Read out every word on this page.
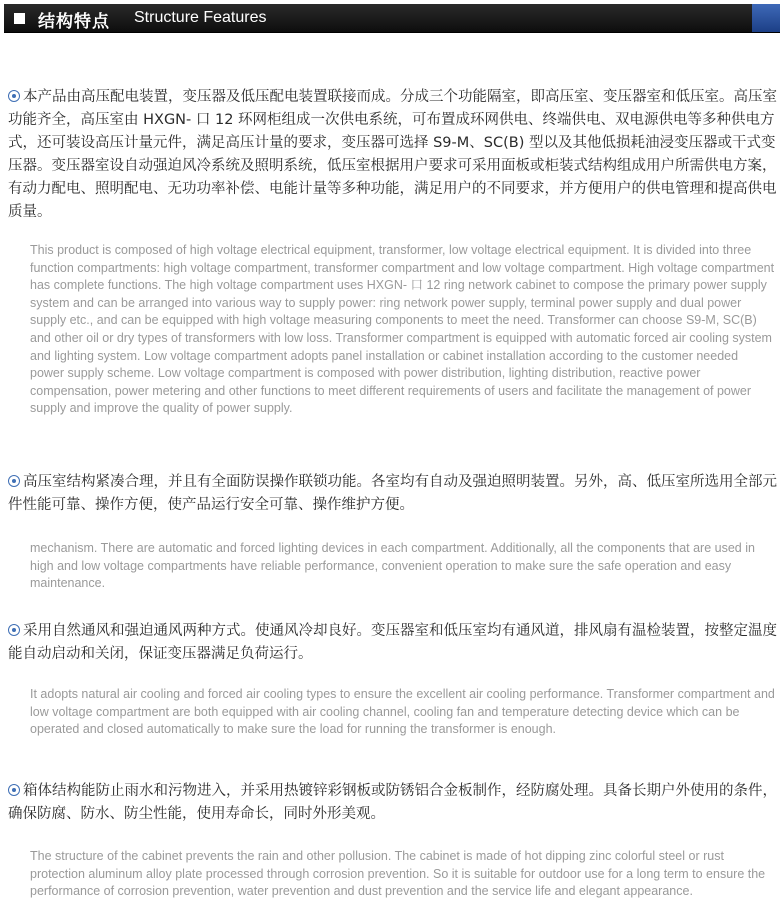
结构特点 Structure Features

本产品由高压配电装置，变压器及低压配电装置联接而成。分成三个功能隔室，即高压室、变压器室和低压室。高压室功能齐全，高压室由 HXGN- 口 12 环网柜组成一次供电系统，可布置成环网供电、终端供电、双电源供电等多种供电方式，还可装设高压计量元件，满足高压计量的要求，变压器可选择 S9-M、SC(B) 型以及其他低损耗油浸变压器或干式变压器。变压器室设自动强迫风冷系统及照明系统，低压室根据用户要求可采用面板或柜装式结构组成用户所需供电方案，有动力配电、照明配电、无功功率补偿、电能计量等多种功能，满足用户的不同要求，并方便用户的供电管理和提高供电质量。

This product is composed of high voltage electrical equipment, transformer, low voltage electrical equipment. It is divided into three function compartments: high voltage compartment, transformer compartment and low voltage compartment. High voltage compartment has complete functions. The high voltage compartment uses HXGN- 口 12 ring network cabinet to compose the primary power supply system and can be arranged into various way to supply power: ring network power supply, terminal power supply and dual power supply etc., and can be equipped with high voltage measuring components to meet the need. Transformer can choose S9-M, SC(B) and other oil or dry types of transformers with low loss. Transformer compartment is equipped with automatic forced air cooling system and lighting system. Low voltage compartment adopts panel installation or cabinet installation according to the customer needed power supply scheme. Low voltage compartment is composed with power distribution, lighting distribution, reactive power compensation, power metering and other functions to meet different requirements of users and facilitate the management of power supply and improve the quality of power supply.

高压室结构紧凑合理，并且有全面防误操作联锁功能。各室均有自动及强迫照明装置。另外，高、低压室所选用全部元件性能可靠、操作方便，使产品运行安全可靠、操作维护方便。

mechanism. There are automatic and forced lighting devices in each compartment. Additionally, all the components that are used in high and low voltage compartments have reliable performance, convenient operation to make sure the safe operation and easy maintenance.

采用自然通风和强迫通风两种方式。使通风冷却良好。变压器室和低压室均有通风道，排风扇有温检装置，按整定温度能自动启动和关闭，保证变压器满足负荷运行。

It adopts natural air cooling and forced air cooling types to ensure the excellent air cooling performance. Transformer compartment and low voltage compartment are both equipped with air cooling channel, cooling fan and temperature detecting device which can be operated and closed automatically to make sure the load for running the transformer is enough.

箱体结构能防止雨水和污物进入，并采用热镀锌彩钢板或防锈铝合金板制作，经防腐处理。具备长期户外使用的条件，确保防腐、防水、防尘性能，使用寿命长，同时外形美观。

The structure of the cabinet prevents the rain and other pollusion. The cabinet is made of hot dipping zinc colorful steel or rust protection aluminum alloy plate processed through corrosion prevention. So it is suitable for outdoor use for a long term to ensure the performance of corrosion prevention, water prevention and dust prevention and the service life and elegant appearance.
